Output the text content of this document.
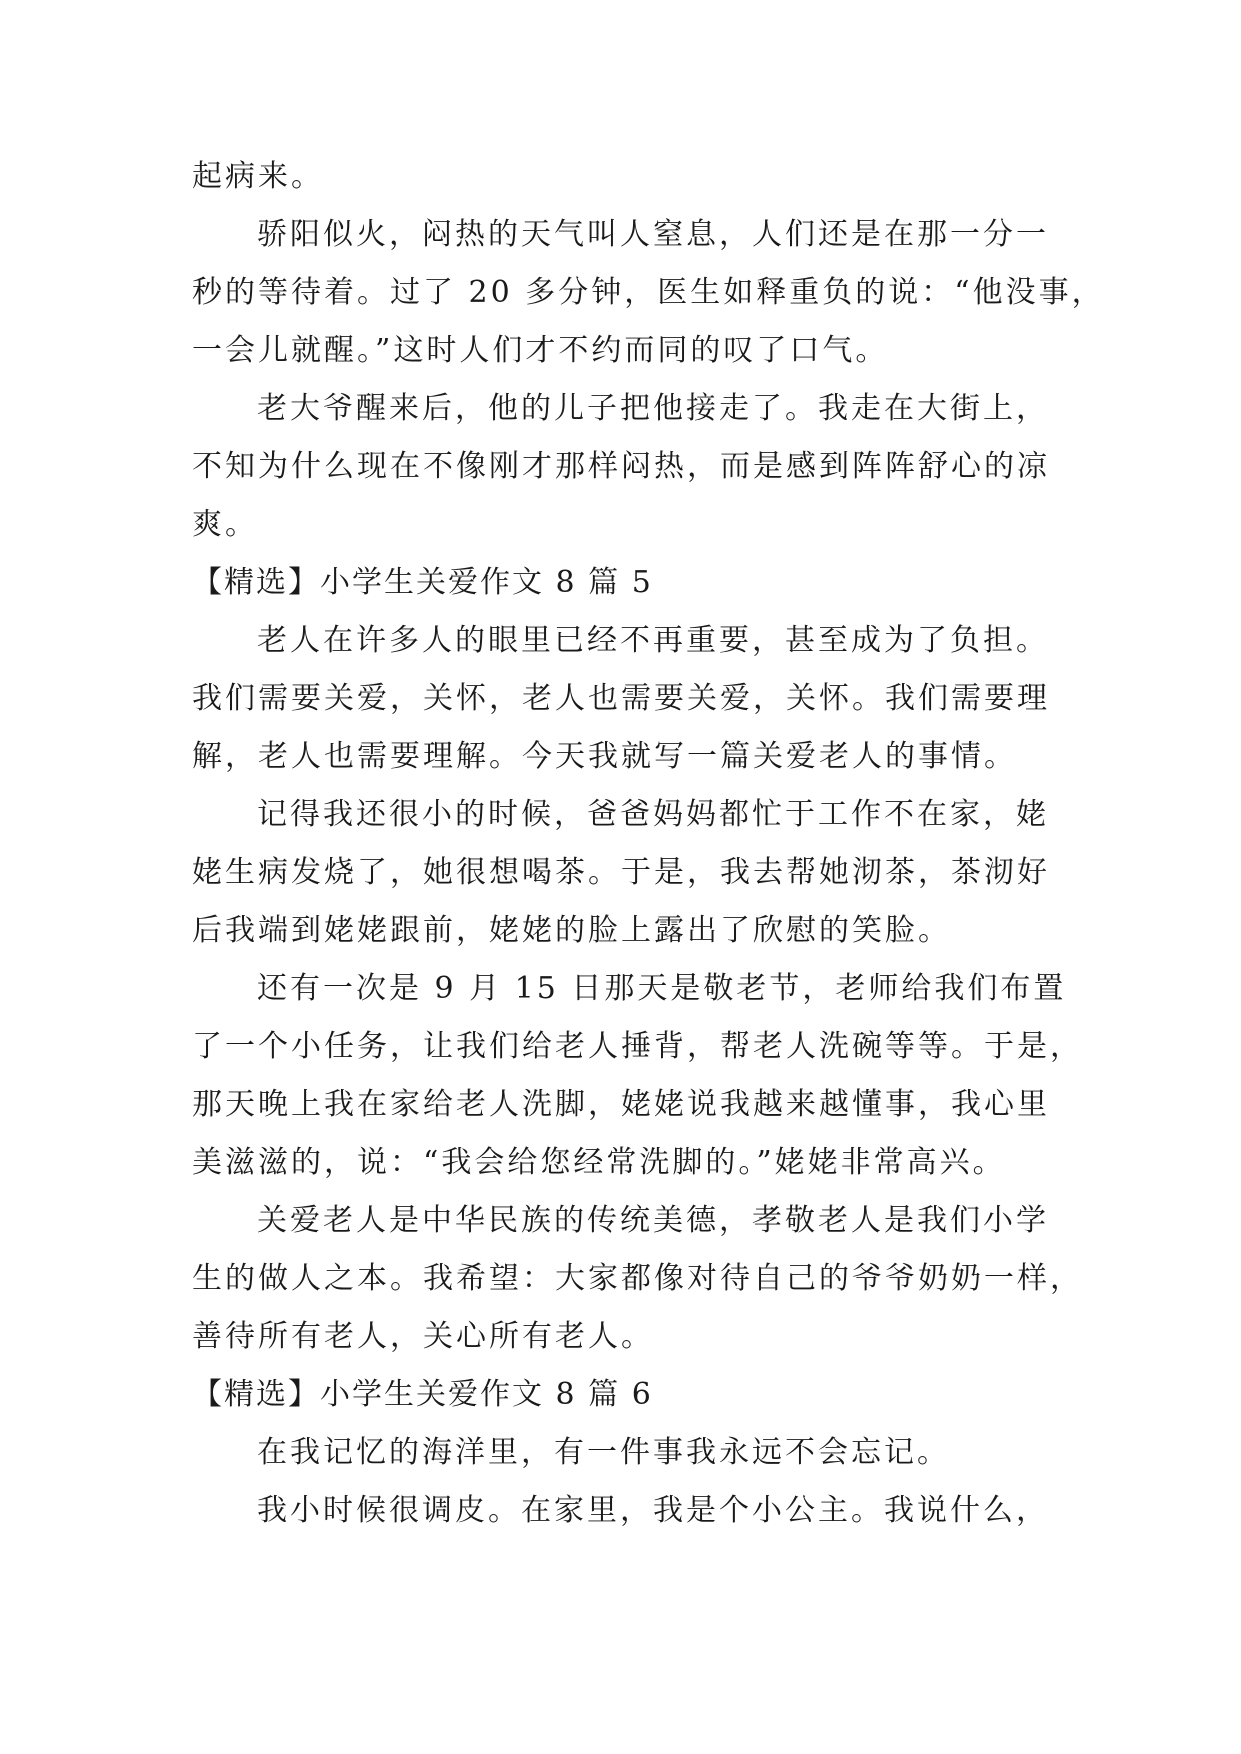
起病来。
骄阳似火，闷热的天气叫人窒息，人们还是在那一分一
秒的等待着。过了 20 多分钟，医生如释重负的说：“他没事，
一会儿就醒。”这时人们才不约而同的叹了口气。
老大爷醒来后，他的儿子把他接走了。我走在大街上，
不知为什么现在不像刚才那样闷热，而是感到阵阵舒心的凉
爽。
【精选】小学生关爱作文 8 篇 5
老人在许多人的眼里已经不再重要，甚至成为了负担。
我们需要关爱，关怀，老人也需要关爱，关怀。我们需要理
解，老人也需要理解。今天我就写一篇关爱老人的事情。
记得我还很小的时候，爸爸妈妈都忙于工作不在家，姥
姥生病发烧了，她很想喝茶。于是，我去帮她沏茶，茶沏好
后我端到姥姥跟前，姥姥的脸上露出了欣慰的笑脸。
还有一次是 9 月 15 日那天是敬老节，老师给我们布置
了一个小任务，让我们给老人捶背，帮老人洗碗等等。于是，
那天晚上我在家给老人洗脚，姥姥说我越来越懂事，我心里
美滋滋的，说：“我会给您经常洗脚的。”姥姥非常高兴。
关爱老人是中华民族的传统美德，孝敬老人是我们小学
生的做人之本。我希望：大家都像对待自己的爷爷奶奶一样，
善待所有老人，关心所有老人。
【精选】小学生关爱作文 8 篇 6
在我记忆的海洋里，有一件事我永远不会忘记。
我小时候很调皮。在家里，我是个小公主。我说什么，
